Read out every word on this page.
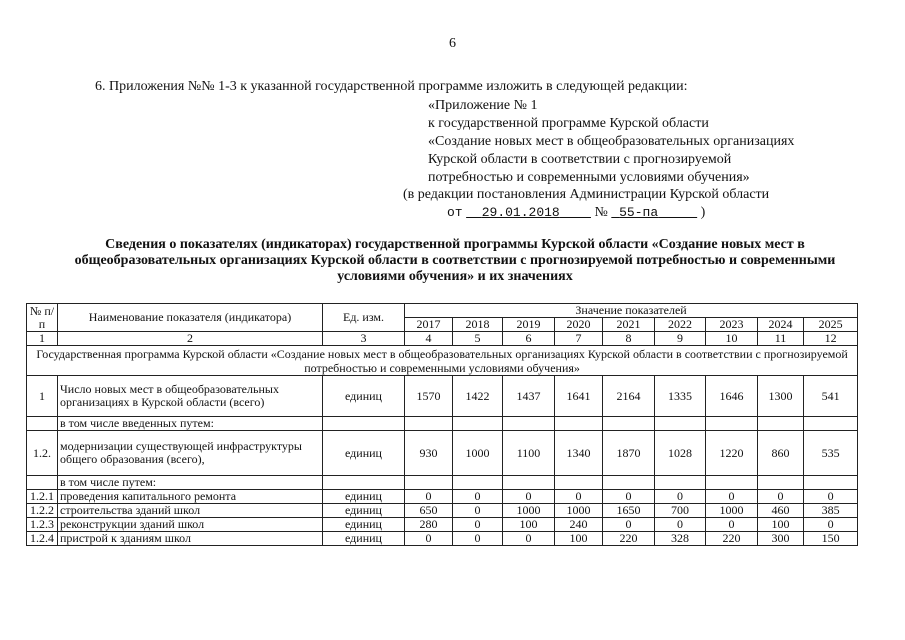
6
6. Приложения №№ 1-3 к указанной государственной программе изложить в следующей редакции:
«Приложение № 1
к государственной программе Курской области
«Создание новых мест в общеобразовательных организациях
Курской области в соответствии с прогнозируемой
потребностью и современными условиями обучения»
(в редакции постановления Администрации Курской области
от 29.01.2018 № 55-па	)
Сведения о показателях (индикаторах) государственной программы Курской области «Создание новых мест в общеобразовательных организациях Курской области в соответствии с прогнозируемой потребностью и современными условиями обучения» и их значениях
№ п/п	Наименование показателя (индикатора)	Ед. изм.	Значение показателей								
			2017	2018	2019	2020	2021	2022	2023	2024	2025
1	2	3	4	5	6	7	8	9	10	11	12
Государственная программа Курской области «Создание новых мест в общеобразовательных организациях Курской области в соответствии с прогнозируемой потребностью и современными условиями обучения»											
1	Число новых мест в общеобразовательных организациях в Курской области (всего)	единиц	1570	1422	1437	1641	2164	1335	1646	1300	541
	в том числе введенных путем:										
1.2.	модернизации существующей инфраструктуры общего образования (всего),	единиц	930	1000	1100	1340	1870	1028	1220	860	535
	в том числе путем:										
1.2.1	проведения капитального ремонта	единиц	0	0	0	0	0	0	0	0	0
1.2.2	строительства зданий школ	единиц	650	0	1000	1000	1650	700	1000	460	385
1.2.3	реконструкции зданий школ	единиц	280	0	100	240	0	0	0	100	0
1.2.4	пристрой к зданиям школ	единиц	0	0	0	100	220	328	220	300	150
